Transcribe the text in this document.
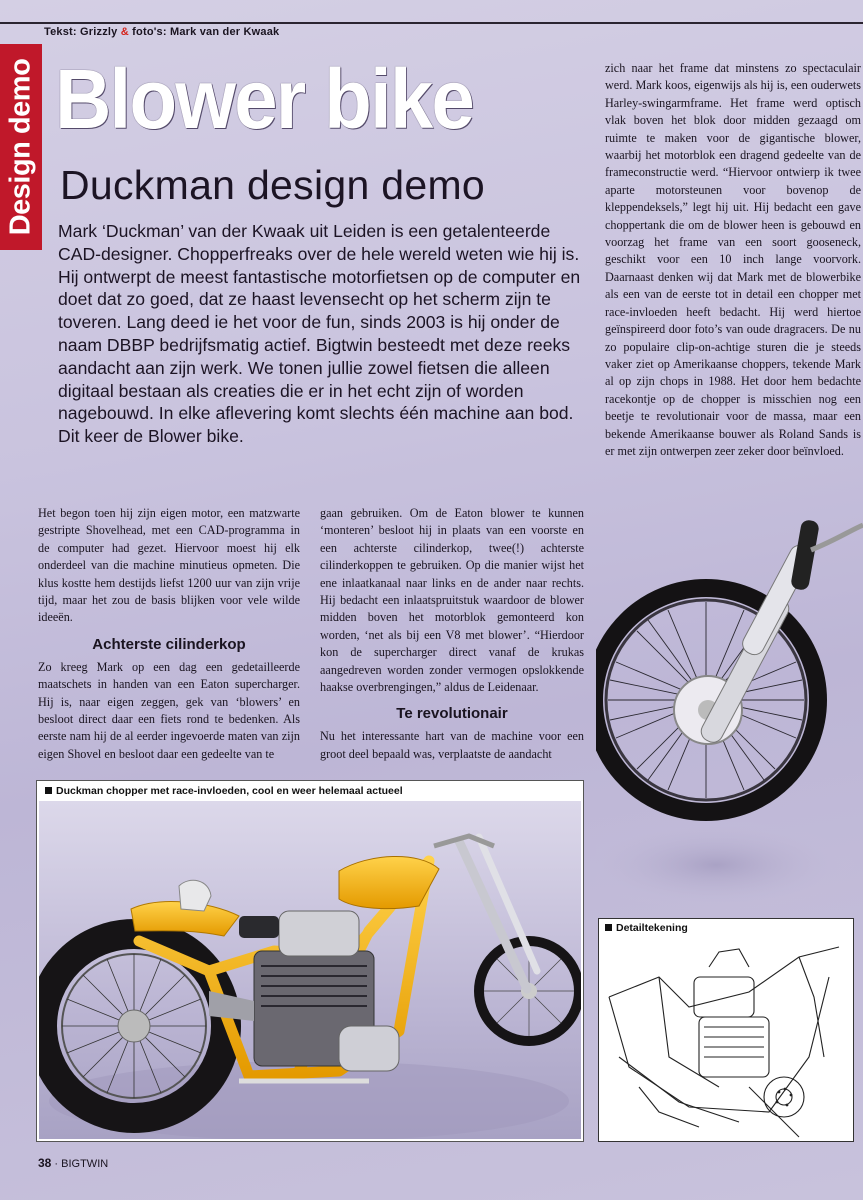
Tekst: Grizzly & foto's: Mark van der Kwaak
Design demo Blower bike
Duckman design demo

Mark ‘Duckman’ van der Kwaak uit Leiden is een getalenteerde CAD-designer. Chopperfreaks over de hele wereld weten wie hij is. Hij ontwerpt de meest fantastische motorfietsen op de computer en doet dat zo goed, dat ze haast levensecht op het scherm zijn te toveren. Lang deed ie het voor de fun, sinds 2003 is hij onder de naam DBBP bedrijfsmatig actief. Bigtwin besteedt met deze reeks aandacht aan zijn werk. We tonen jullie zowel fietsen die alleen digitaal bestaan als creaties die er in het echt zijn of worden nagebouwd. In elke aflevering komt slechts één machine aan bod. Dit keer de Blower bike.

Het begon toen hij zijn eigen motor, een matzwarte gestripte Shovelhead, met een CAD-programma in de computer had gezet. Hiervoor moest hij elk onderdeel van die machine minutieus opmeten. Die klus kostte hem destijds liefst 1200 uur van zijn vrije tijd, maar het zou de basis blijken voor vele wilde ideeën.

Achterste cilinderkop

Zo kreeg Mark op een dag een gedetailleerde maatschets in handen van een Eaton supercharger. Hij is, naar eigen zeggen, gek van ‘blowers’ en besloot direct daar een fiets rond te bedenken. Als eerste nam hij de al eerder ingevoerde maten van zijn eigen Shovel en besloot daar een gedeelte van te

gaan gebruiken. Om de Eaton blower te kunnen ‘monteren’ besloot hij in plaats van een voorste en een achterste cilinderkop, twee(!) achterste cilinderkoppen te gebruiken. Op die manier wijst het ene inlaatkanaal naar links en de ander naar rechts. Hij bedacht een inlaatspruitstuk waardoor de blower midden boven het motorblok gemonteerd kon worden, ‘net als bij een V8 met blower’. “Hierdoor kon de supercharger direct vanaf de krukas aangedreven worden zonder vermogen opslokkende haakse overbrengingen,” aldus de Leidenaar.

Te revolutionair

Nu het interessante hart van de machine voor een groot deel bepaald was, verplaatste de aandacht

zich naar het frame dat minstens zo spectaculair werd. Mark koos, eigenwijs als hij is, een ouderwets Harley-swingarmframe. Het frame werd optisch vlak boven het blok door midden gezaagd om ruimte te maken voor de gigantische blower, waarbij het motorblok een dragend gedeelte van de frameconstructie werd. “Hiervoor ontwierp ik twee aparte motorsteunen voor bovenop de kleppendeksels,” legt hij uit. Hij bedacht een gave choppertank die om de blower heen is gebouwd en voorzag het frame van een soort gooseneck, geschikt voor een 10 inch lange voorvork. Daarnaast denken wij dat Mark met de blowerbike als een van de eerste tot in detail een chopper met race-invloeden heeft bedacht. Hij werd hiertoe geïnspireerd door foto’s van oude dragracers. De nu zo populaire clip-on-achtige sturen die je steeds vaker ziet op Amerikaanse choppers, tekende Mark al op zijn chops in 1988. Het door hem bedachte racekontje op de chopper is misschien nog een beetje te revolutionair voor de massa, maar een bekende Amerikaanse bouwer als Roland Sands is er met zijn ontwerpen zeer zeker door beïnvloed.

Duckman chopper met race-invloeden, cool en weer helemaal actueel
Detailtekening
38 · BIGTWIN
